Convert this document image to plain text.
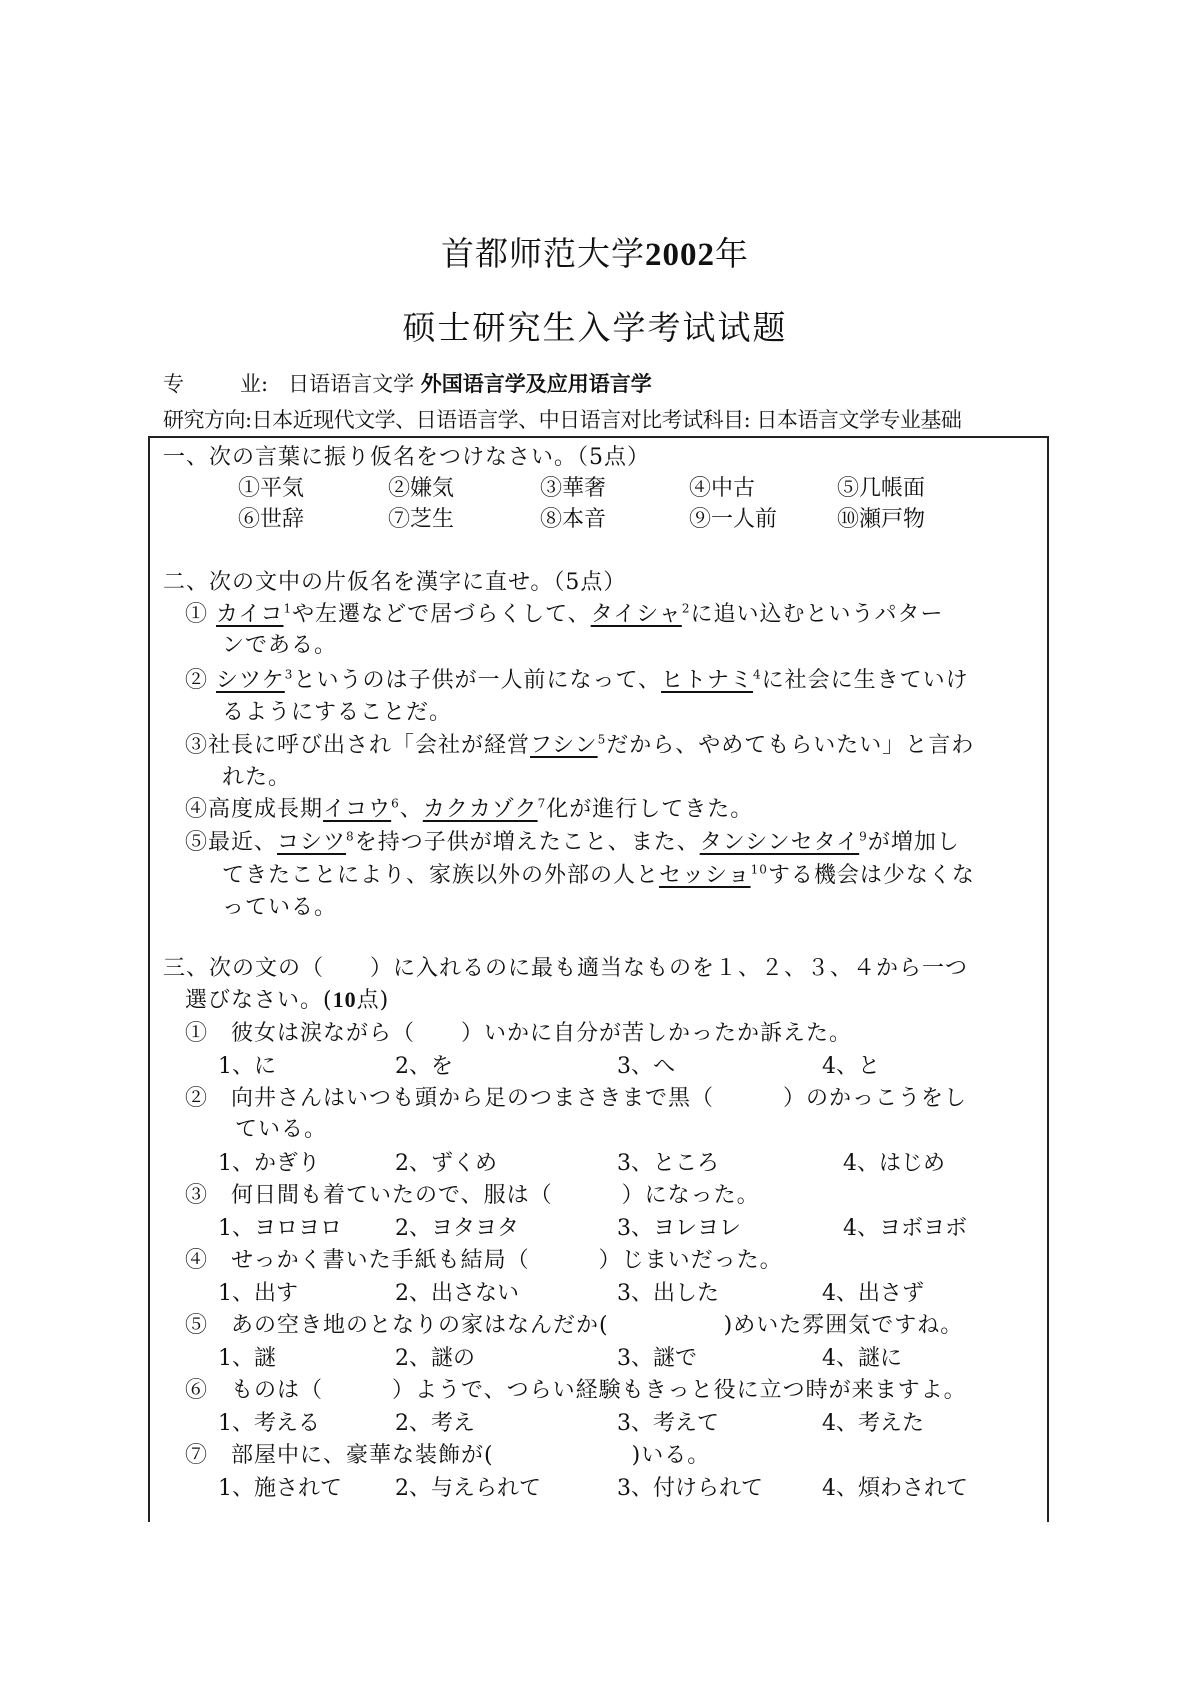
首都师范大学2002年
硕士研究生入学考试试题
专	业: 日语语言文学 外国语言学及应用语言学
研究方向:日本近现代文学、日语语言学、中日语言对比考试科目: 日本语言文学专业基础
一、次の言葉に振り仮名をつけなさい。（5点）
①平気	②嫌気	③華奢	④中古	⑤几帳面
⑥世辞	⑦芝生	⑧本音	⑨一人前	⑩瀬戸物
二、次の文中の片仮名を漢字に直せ。（5点）
① カイコ$^1$や左遷などで居づらくして、タイシャ$^2$に追い込むというパター
ンである。
② シツケ$^3$というのは子供が一人前になって、ヒトナミ$^4$に社会に生きていけ
るようにすることだ。
③社長に呼び出され「会社が経営フシン$^5$だから、やめてもらいたい」と言わ
れた。
④高度成長期イコウ$^6$、カクカゾク$^7$化が進行してきた。
⑤最近、コシツ$^8$を持つ子供が増えたこと、また、タンシンセタイ$^9$が増加し
てきたことにより、家族以外の外部の人とセッショ$^{10}$する機会は少なくな
っている。
三、次の文の（　　）に入れるのに最も適当なものを１、２、３、４から一つ
選びなさい。(10点)
①　 彼女は涙ながら（　　）いかに自分が苦しかったか訴えた。
1、に	2、を	3、へ	4、と
②　 向井さんはいつも頭から足のつまさきまで黒（　　　）のかっこうをし
ている。
1、かぎり	2、ずくめ	3、ところ	4、はじめ
③　 何日間も着ていたので、服は（　　　）になった。
1、ヨロヨロ 2、ヨタヨタ	3、ヨレヨレ	4、ヨボヨボ
④　 せっかく書いた手紙も結局（　　　）じまいだった。
1、出す	2、出さない	3、出した	4、出さず
⑤　 あの空き地のとなりの家はなんだか(　　　　　)めいた雰囲気ですね。
1、謎	2、謎の	3、謎で	4、謎に
⑥　 ものは（　　　）ようで、つらい経験もきっと役に立つ時が来ますよ。
1、考える	2、考え	3、考えて	4、考えた
⑦　 部屋中に、豪華な装飾が(　　　　　　)いる。
1、施されて 2、与えられて	3、付けられて	4、煩わされて
